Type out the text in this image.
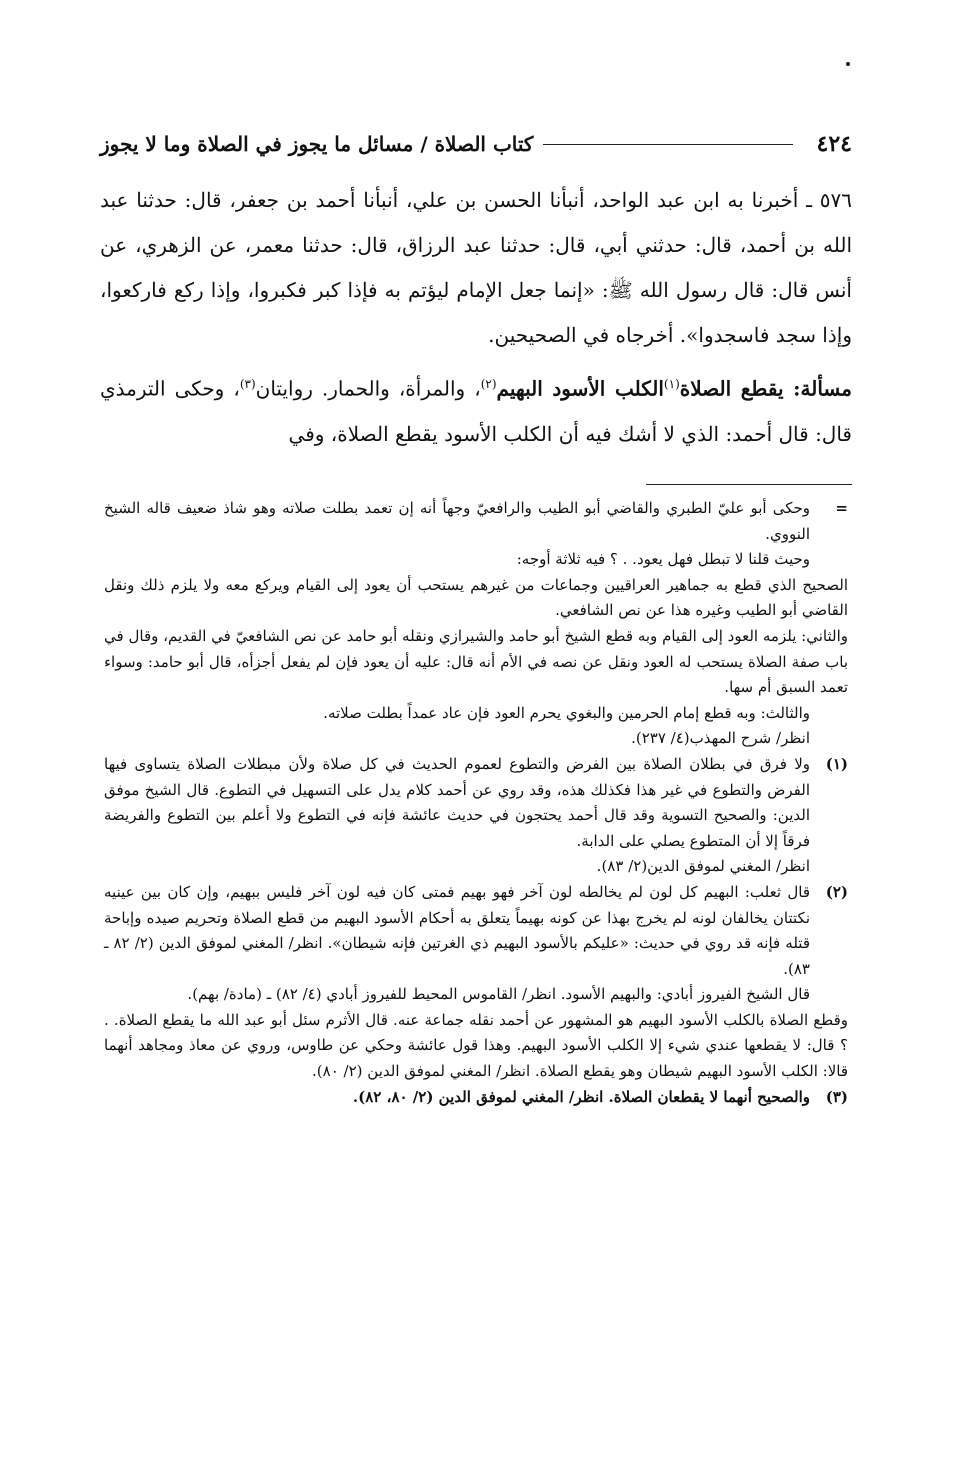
٤٢٤
كتاب الصلاة / مسائل ما يجوز في الصلاة وما لا يجوز

٥٧٦ ـ أخبرنا به ابن عبد الواحد، أنبأنا الحسن بن علي، أنبأنا أحمد بن جعفر، قال: حدثنا عبد الله بن أحمد، قال: حدثني أبي، قال: حدثنا عبد الرزاق، قال: حدثنا معمر، عن الزهري، عن أنس قال: قال رسول الله ﷺ: «إنما جعل الإمام ليؤتم به فإذا كبر فكبروا، وإذا ركع فاركعوا، وإذا سجد فاسجدوا». أخرجاه في الصحيحين.

مسألة: يقطع الصلاة$^{(١)}$الكلب الأسود البهيم$^{(٢)}$، والمرأة، والحمار. روايتان$^{(٣)}$، وحكى الترمذي قال: قال أحمد: الذي لا أشك فيه أن الكلب الأسود يقطع الصلاة، وفي

=

وحكى أبو عليّ الطبري والقاضي أبو الطيب والرافعيّ وجهاً أنه إن تعمد بطلت صلاته وهو شاذ ضعيف قاله الشيخ النووي.

وحيث قلنا لا تبطل فهل يعود. . ؟ فيه ثلاثة أوجه:

الصحيح الذي قطع به جماهير العراقيين وجماعات من غيرهم يستحب أن يعود إلى القيام ويركع معه ولا يلزم ذلك ونقل القاضي أبو الطيب وغيره هذا عن نص الشافعي.

والثاني: يلزمه العود إلى القيام وبه قطع الشيخ أبو حامد والشيرازي ونقله أبو حامد عن نص الشافعيّ في القديم، وقال في باب صفة الصلاة يستحب له العود ونقل عن نصه في الأم أنه قال: عليه أن يعود فإن لم يفعل أجزأه، قال أبو حامد: وسواء تعمد السبق أم سها.

والثالث: وبه قطع إمام الحرمين والبغوي يحرم العود فإن عاد عمداً بطلت صلاته.

انظر/ شرح المهذب(٤/ ٢٣٧).

(١)

ولا فرق في بطلان الصلاة بين الفرض والتطوع لعموم الحديث في كل صلاة ولأن مبطلات الصلاة يتساوى فيها الفرض والتطوع في غير هذا فكذلك هذه، وقد روي عن أحمد كلام يدل على التسهيل في التطوع. قال الشيخ موفق الدين: والصحيح التسوية وقد قال أحمد يحتجون في حديث عائشة فإنه في التطوع ولا أعلم بين التطوع والفريضة فرقاً إلا أن المتطوع يصلي على الدابة.

انظر/ المغني لموفق الدين(٢/ ٨٣).

(٢)

قال ثعلب: البهيم كل لون لم يخالطه لون آخر فهو بهيم فمتى كان فيه لون آخر فليس ببهيم، وإن كان بين عينيه نكتتان يخالفان لونه لم يخرج بهذا عن كونه بهيماً يتعلق به أحكام الأسود البهيم من قطع الصلاة وتحريم صيده وإباحة قتله فإنه قد روي في حديث: «عليكم بالأسود البهيم ذي الغرتين فإنه شيطان». انظر/ المغني لموفق الدين (٢/ ٨٢ ـ ٨٣).

قال الشيخ الفيروز أبادي: والبهيم الأسود. انظر/ القاموس المحيط للفيروز أبادي (٤/ ٨٢) ـ (مادة/ بهم).

وقطع الصلاة بالكلب الأسود البهيم هو المشهور عن أحمد نقله جماعة عنه. قال الأثرم سئل أبو عبد الله ما يقطع الصلاة. . ؟ قال: لا يقطعها عندي شيء إلا الكلب الأسود البهيم. وهذا قول عائشة وحكي عن طاوس، وروي عن معاذ ومجاهد أنهما قالا: الكلب الأسود البهيم شيطان وهو يقطع الصلاة. انظر/ المغني لموفق الدين (٢/ ٨٠).

(٣)

والصحيح أنهما لا يقطعان الصلاة. انظر/ المغني لموفق الدين (٢/ ٨٠، ٨٢).
